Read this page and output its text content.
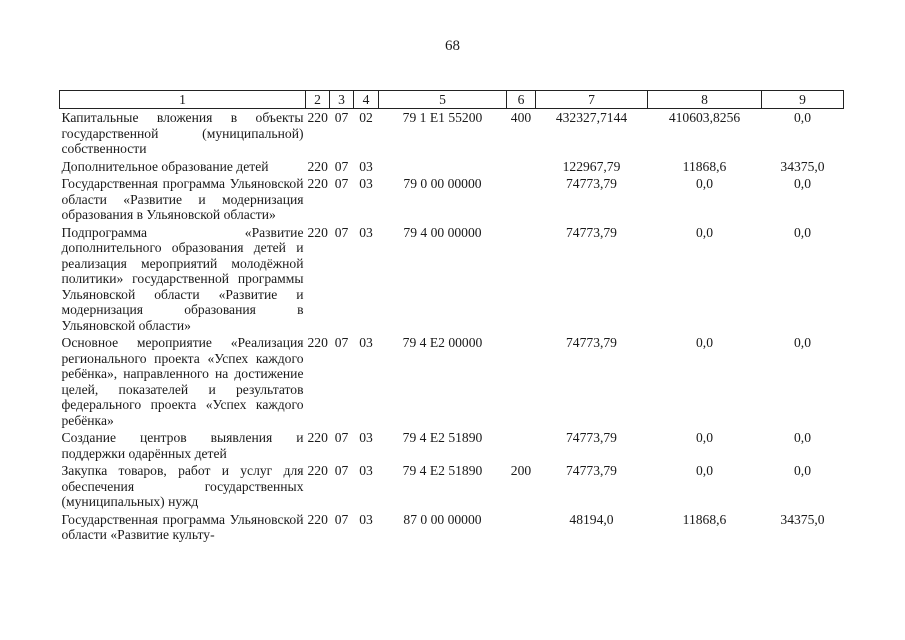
68
1	2	3	4	5	6	7	8	9
Капитальные вложения в объекты государственной (муниципальной) собственности	220	07	02	79 1 E1 55200	400	432327,7144	410603,8256	0,0
Дополнительное образование детей	220	07	03			122967,79	11868,6	34375,0
Государственная программа Ульяновской области «Развитие и модернизация образования в Ульяновской области»	220	07	03	79 0 00 00000		74773,79	0,0	0,0
Подпрограмма «Развитие дополнительного образования детей и реализация мероприятий молодёжной политики» государственной программы Ульяновской области «Развитие и модернизация образования в Ульяновской области»	220	07	03	79 4 00 00000		74773,79	0,0	0,0
Основное мероприятие «Реализация регионального проекта «Успех каждого ребёнка», направленного на достижение целей, показателей и результатов федерального проекта «Успех каждого ребёнка»	220	07	03	79 4 E2 00000		74773,79	0,0	0,0
Создание центров выявления и поддержки одарённых детей	220	07	03	79 4 E2 51890		74773,79	0,0	0,0
Закупка товаров, работ и услуг для обеспечения государственных (муниципальных) нужд	220	07	03	79 4 E2 51890	200	74773,79	0,0	0,0
Государственная программа Ульяновской области «Развитие культу-	220	07	03	87 0 00 00000		48194,0	11868,6	34375,0
